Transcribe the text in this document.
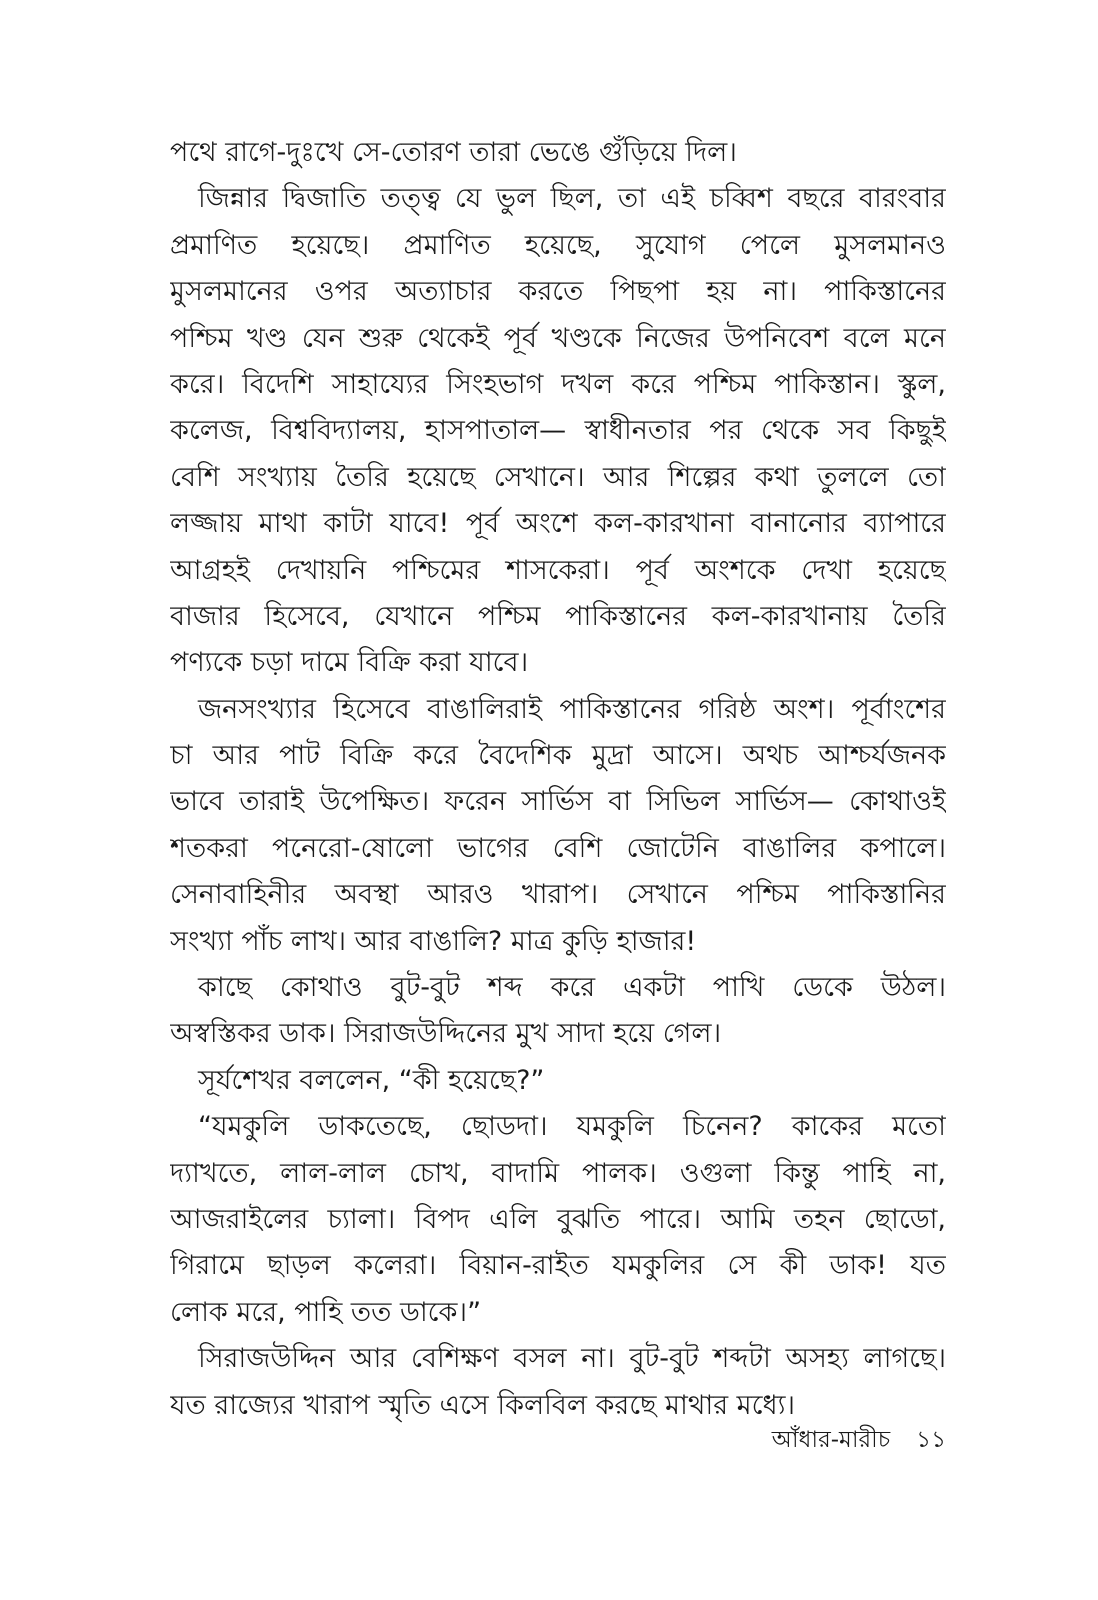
পথে রাগে-দুঃখে সে-তোরণ তারা ভেঙে গুঁড়িয়ে দিল।
জিন্নার দ্বিজাতি তত্ত্ব যে ভুল ছিল, তা এই চব্বিশ বছরে বারংবার
প্রমাণিত হয়েছে। প্রমাণিত হয়েছে, সুযোগ পেলে মুসলমানও
মুসলমানের ওপর অত্যাচার করতে পিছপা হয় না। পাকিস্তানের
পশ্চিম খণ্ড যেন শুরু থেকেই পূর্ব খণ্ডকে নিজের উপনিবেশ বলে মনে
করে। বিদেশি সাহায্যের সিংহভাগ দখল করে পশ্চিম পাকিস্তান। স্কুল,
কলেজ, বিশ্ববিদ্যালয়, হাসপাতাল— স্বাধীনতার পর থেকে সব কিছুই
বেশি সংখ্যায় তৈরি হয়েছে সেখানে। আর শিল্পের কথা তুললে তো
লজ্জায় মাথা কাটা যাবে! পূর্ব অংশে কল-কারখানা বানানোর ব্যাপারে
আগ্রহই দেখায়নি পশ্চিমের শাসকেরা। পূর্ব অংশকে দেখা হয়েছে
বাজার হিসেবে, যেখানে পশ্চিম পাকিস্তানের কল-কারখানায় তৈরি
পণ্যকে চড়া দামে বিক্রি করা যাবে।
জনসংখ্যার হিসেবে বাঙালিরাই পাকিস্তানের গরিষ্ঠ অংশ। পূর্বাংশের
চা আর পাট বিক্রি করে বৈদেশিক মুদ্রা আসে। অথচ আশ্চর্যজনক
ভাবে তারাই উপেক্ষিত। ফরেন সার্ভিস বা সিভিল সার্ভিস— কোথাওই
শতকরা পনেরো-ষোলো ভাগের বেশি জোটেনি বাঙালির কপালে।
সেনাবাহিনীর অবস্থা আরও খারাপ। সেখানে পশ্চিম পাকিস্তানির
সংখ্যা পাঁচ লাখ। আর বাঙালি? মাত্র কুড়ি হাজার!
কাছে কোথাও বুট-বুট শব্দ করে একটা পাখি ডেকে উঠল।
অস্বস্তিকর ডাক। সিরাজউদ্দিনের মুখ সাদা হয়ে গেল।
সূর্যশেখর বললেন, “কী হয়েছে?”
“যমকুলি ডাকতেছে, ছোডদা। যমকুলি চিনেন? কাকের মতো
দ্যাখতে, লাল-লাল চোখ, বাদামি পালক। ওগুলা কিন্তু পাহি না,
আজরাইলের চ্যালা। বিপদ এলি বুঝতি পারে। আমি তহন ছোডো,
গিরামে ছাড়ল কলেরা। বিয়ান-রাইত যমকুলির সে কী ডাক! যত
লোক মরে, পাহি তত ডাকে।”
সিরাজউদ্দিন আর বেশিক্ষণ বসল না। বুট-বুট শব্দটা অসহ্য লাগছে।
যত রাজ্যের খারাপ স্মৃতি এসে কিলবিল করছে মাথার মধ্যে।
আঁধার-মারীচ ১১
